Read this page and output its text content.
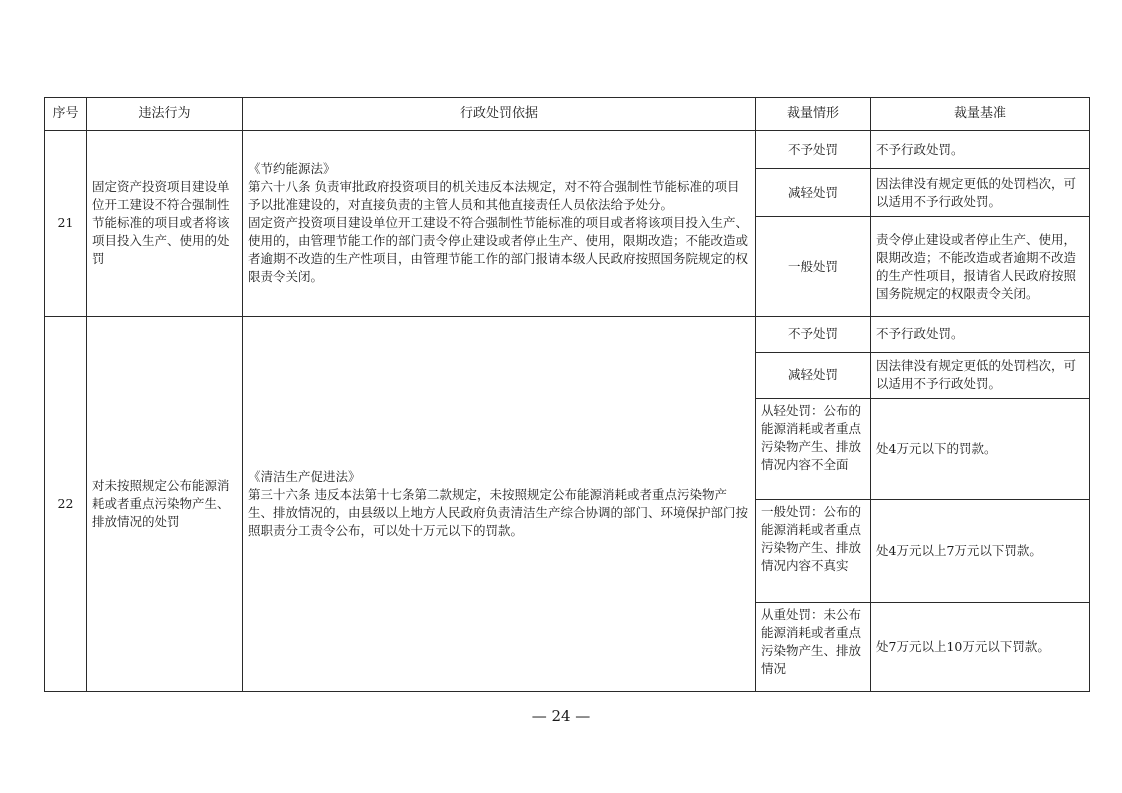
序号	违法行为	行政处罚依据	裁量情形	裁量基准
21	固定资产投资项目建设单位开工建设不符合强制性节能标准的项目或者将该项目投入生产、使用的处罚	《节约能源法》
第六十八条 负责审批政府投资项目的机关违反本法规定，对不符合强制性节能标准的项目予以批准建设的，对直接负责的主管人员和其他直接责任人员依法给予处分。
固定资产投资项目建设单位开工建设不符合强制性节能标准的项目或者将该项目投入生产、使用的，由管理节能工作的部门责令停止建设或者停止生产、使用，限期改造；不能改造或者逾期不改造的生产性项目，由管理节能工作的部门报请本级人民政府按照国务院规定的权限责令关闭。	不予处罚	不予行政处罚。
			减轻处罚	因法律没有规定更低的处罚档次，可以适用不予行政处罚。
			一般处罚	责令停止建设或者停止生产、使用，限期改造；不能改造或者逾期不改造的生产性项目，报请省人民政府按照国务院规定的权限责令关闭。
22	对未按照规定公布能源消耗或者重点污染物产生、排放情况的处罚	《清洁生产促进法》
第三十六条 违反本法第十七条第二款规定，未按照规定公布能源消耗或者重点污染物产生、排放情况的，由县级以上地方人民政府负责清洁生产综合协调的部门、环境保护部门按照职责分工责令公布，可以处十万元以下的罚款。	不予处罚	不予行政处罚。
			减轻处罚	因法律没有规定更低的处罚档次，可以适用不予行政处罚。
			从轻处罚：公布的能源消耗或者重点污染物产生、排放情况内容不全面	处4万元以下的罚款。
			一般处罚：公布的能源消耗或者重点污染物产生、排放情况内容不真实	处4万元以上7万元以下罚款。
			从重处罚：未公布能源消耗或者重点污染物产生、排放情况	处7万元以上10万元以下罚款。
— 24 —
